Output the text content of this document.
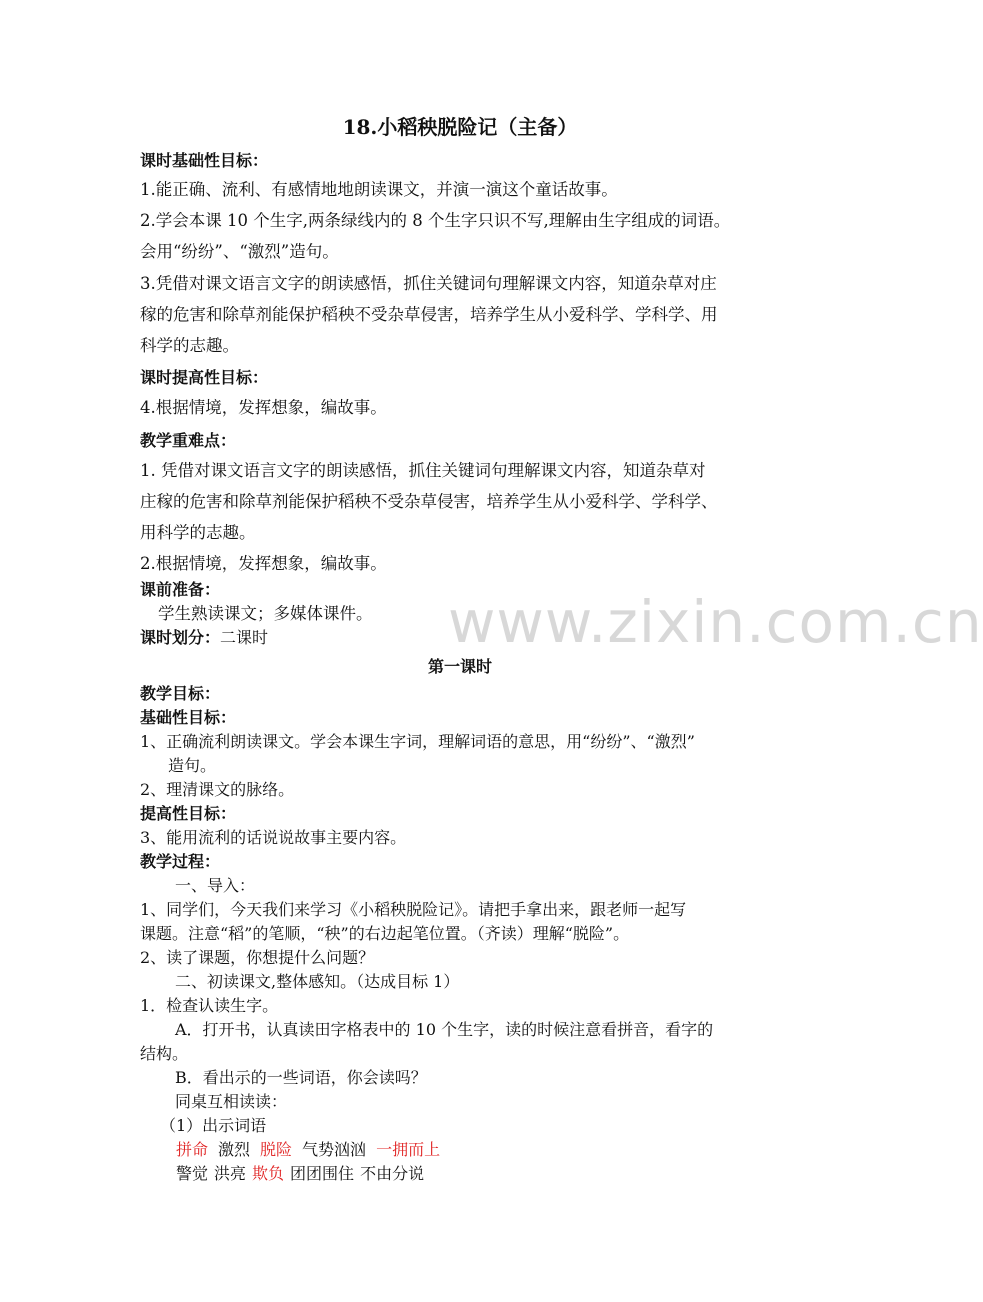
18.小稻秧脱险记（主备）
课时基础性目标：
1.能正确、流利、有感情地地朗读课文，并演一演这个童话故事。
2.学会本课 10 个生字,两条绿线内的 8 个生字只识不写,理解由生字组成的词语。
会用“纷纷”、“激烈”造句。
3.凭借对课文语言文字的朗读感悟，抓住关键词句理解课文内容，知道杂草对庄
稼的危害和除草剂能保护稻秧不受杂草侵害，培养学生从小爱科学、学科学、用
科学的志趣。
课时提高性目标：
4.根据情境，发挥想象，编故事。
教学重难点：
1. 凭借对课文语言文字的朗读感悟，抓住关键词句理解课文内容，知道杂草对
庄稼的危害和除草剂能保护稻秧不受杂草侵害，培养学生从小爱科学、学科学、
用科学的志趣。
2.根据情境，发挥想象，编故事。
课前准备：
学生熟读课文；多媒体课件。
课时划分：二课时	www.zixin.com.cn
第一课时
教学目标：
基础性目标：
1、正确流利朗读课文。学会本课生字词，理解词语的意思，用“纷纷”、“激烈”
造句。
2、理清课文的脉络。
提高性目标：
3、能用流利的话说说故事主要内容。
教学过程：
一、导入：
1、同学们，今天我们来学习《小稻秧脱险记》。请把手拿出来，跟老师一起写
课题。注意“稻”的笔顺，“秧”的右边起笔位置。（齐读）理解“脱险”。
2、读了课题，你想提什么问题？
二、初读课文,整体感知。（达成目标 1）
1．检查认读生字。
A．打开书，认真读田字格表中的 10 个生字，读的时候注意看拼音，看字的
结构。
B．看出示的一些词语，你会读吗？
同桌互相读读：
（1）出示词语
拼命 激烈 脱险 气势汹汹 一拥而上
警觉 洪亮 欺负 团团围住 不由分说
